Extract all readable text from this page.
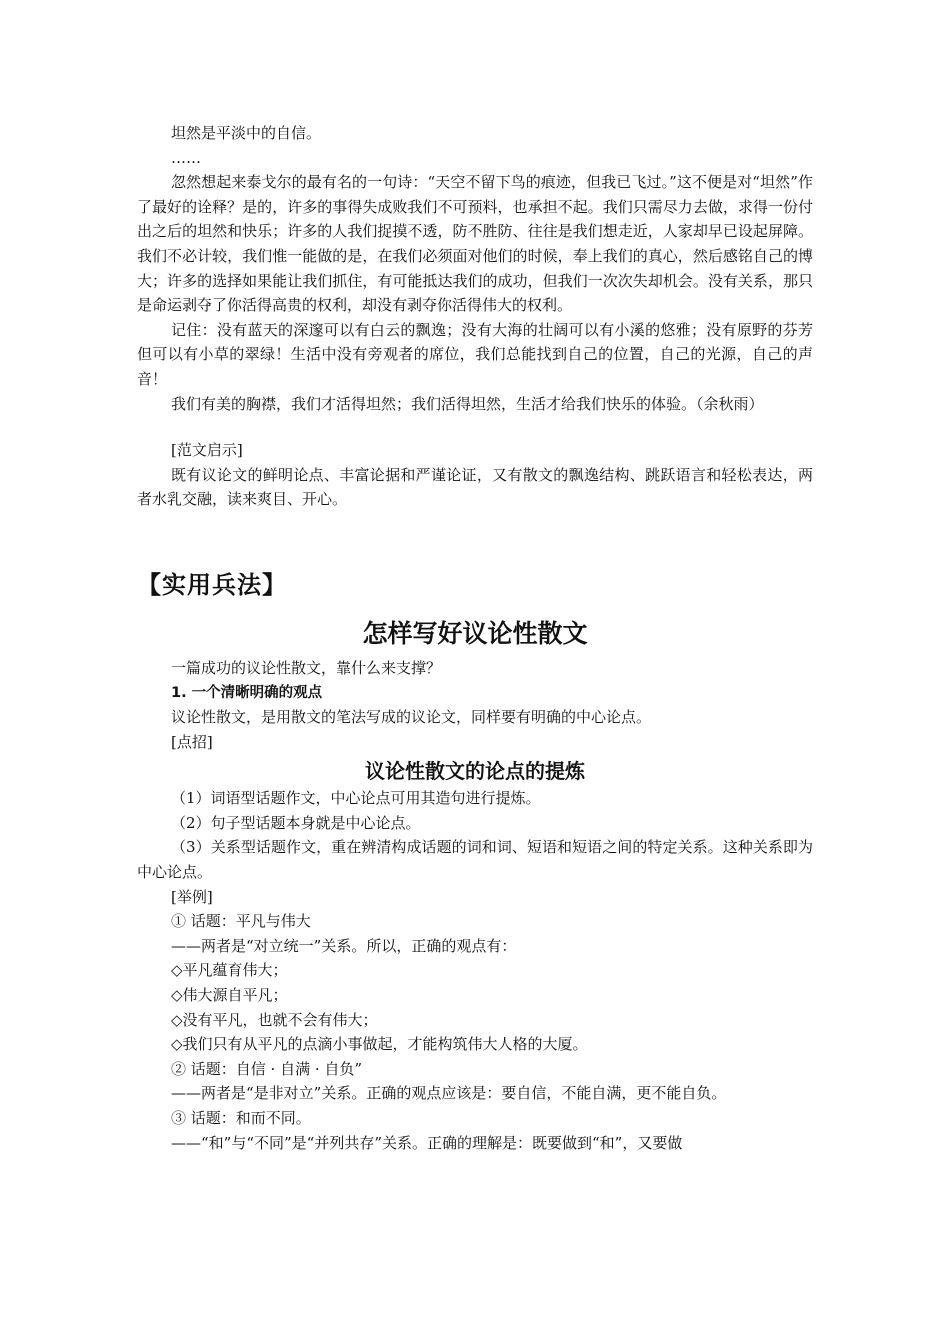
坦然是平淡中的自信。

……

忽然想起来泰戈尔的最有名的一句诗：“天空不留下鸟的痕迹，但我已飞过。”这不便是对“坦然”作了最好的诠释？是的，许多的事得失成败我们不可预料，也承担不起。我们只需尽力去做，求得一份付出之后的坦然和快乐；许多的人我们捉摸不透，防不胜防、往往是我们想走近，人家却早已设起屏障。我们不必计较，我们惟一能做的是，在我们必须面对他们的时候，奉上我们的真心，然后感铭自己的博大；许多的选择如果能让我们抓住，有可能抵达我们的成功，但我们一次次失却机会。没有关系，那只是命运剥夺了你活得高贵的权利，却没有剥夺你活得伟大的权利。

记住：没有蓝天的深邃可以有白云的飘逸；没有大海的壮阔可以有小溪的悠雅；没有原野的芬芳但可以有小草的翠绿！生活中没有旁观者的席位，我们总能找到自己的位置，自己的光源，自己的声音！

我们有美的胸襟，我们才活得坦然；我们活得坦然，生活才给我们快乐的体验。（余秋雨）

[范文启示]

既有议论文的鲜明论点、丰富论据和严谨论证，又有散文的飘逸结构、跳跃语言和轻松表达，两者水乳交融，读来爽目、开心。

【实用兵法】
怎样写好议论性散文

一篇成功的议论性散文，靠什么来支撑？

1. 一个清晰明确的观点

议论性散文，是用散文的笔法写成的议论文，同样要有明确的中心论点。

[点招]

议论性散文的论点的提炼

（1）词语型话题作文，中心论点可用其造句进行提炼。

（2）句子型话题本身就是中心论点。

（3）关系型话题作文，重在辨清构成话题的词和词、短语和短语之间的特定关系。这种关系即为中心论点。

[举例]

① 话题：平凡与伟大

——两者是“对立统一”关系。所以，正确的观点有：

◇平凡蕴育伟大；

◇伟大源自平凡；

◇没有平凡，也就不会有伟大；

◇我们只有从平凡的点滴小事做起，才能构筑伟大人格的大厦。

② 话题：自信 · 自满 · 自负”

——两者是“是非对立”关系。正确的观点应该是：要自信，不能自满，更不能自负。

③ 话题：和而不同。

——“和”与“不同”是“并列共存”关系。正确的理解是：既要做到“和”，又要做
